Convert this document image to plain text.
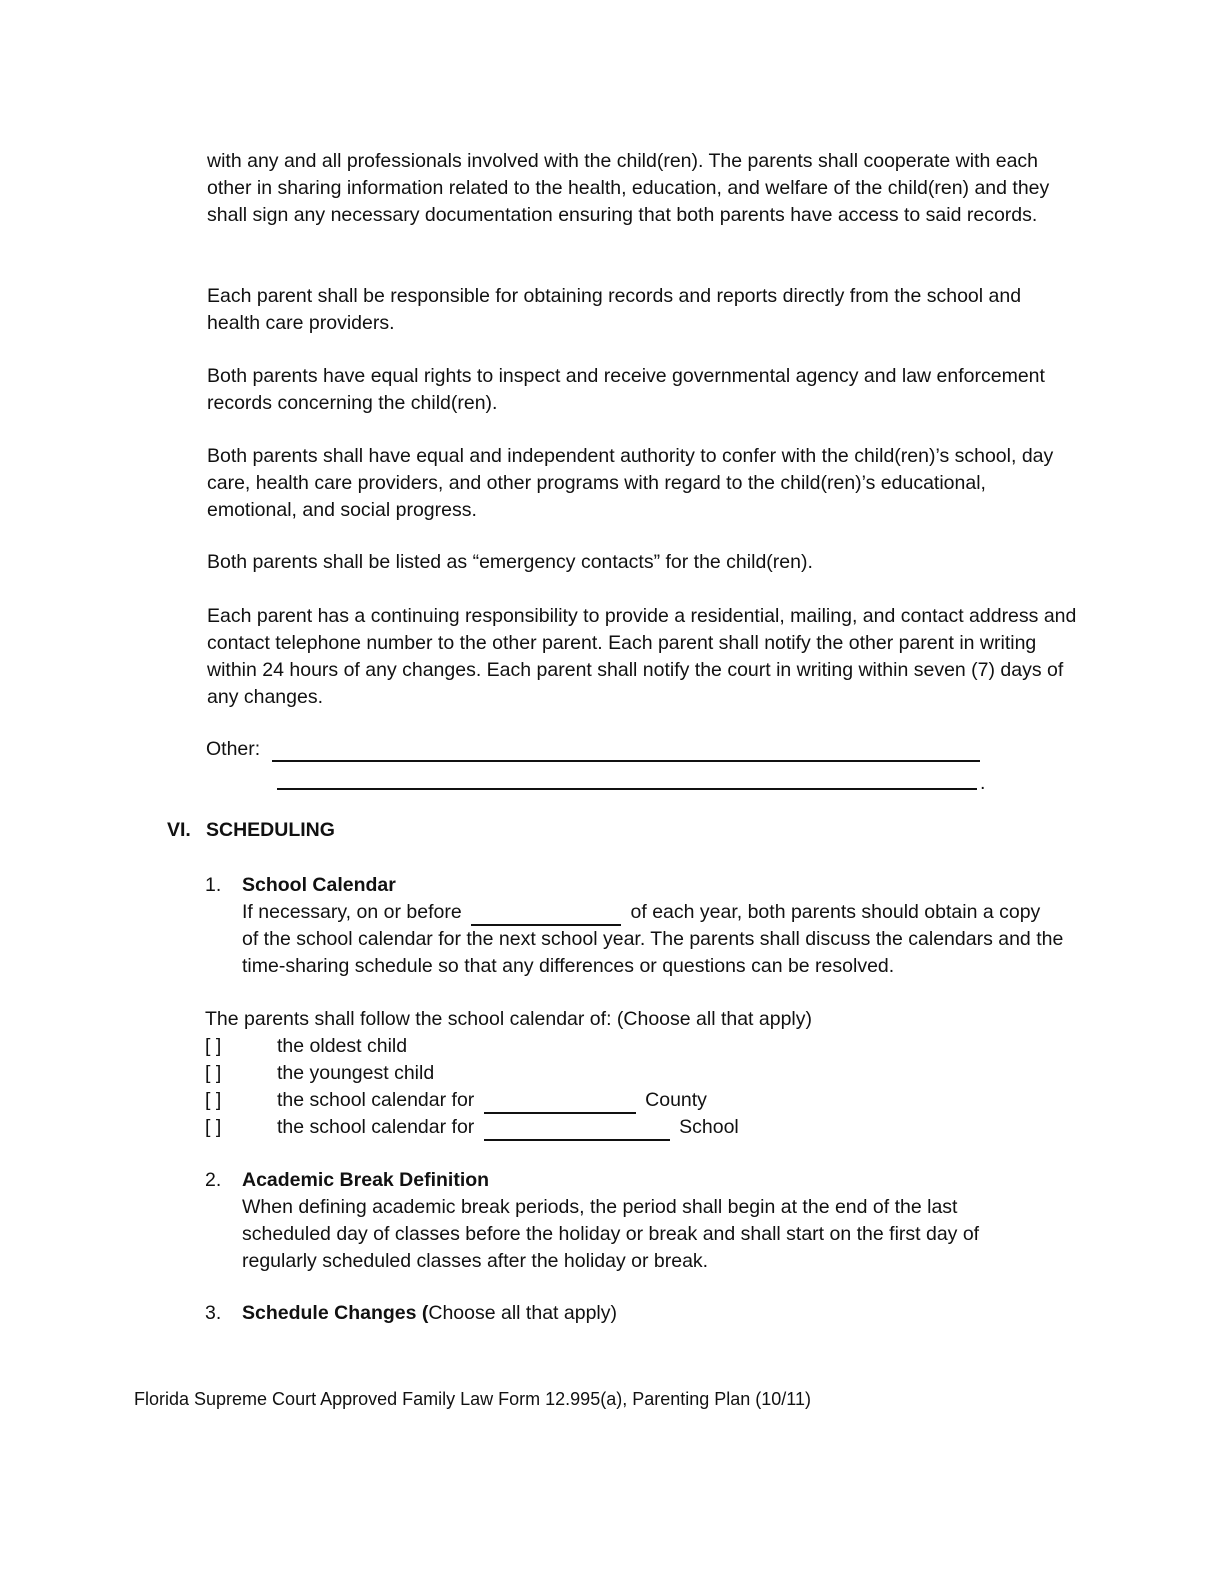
with any and all professionals involved with the child(ren). The parents shall cooperate with each other in sharing information related to the health, education, and welfare of the child(ren) and they shall sign any necessary documentation ensuring that both parents have access to said records.

Each parent shall be responsible for obtaining records and reports directly from the school and health care providers.

Both parents have equal rights to inspect and receive governmental agency and law enforcement records concerning the child(ren).

Both parents shall have equal and independent authority to confer with the child(ren)’s school, day care, health care providers, and other programs with regard to the child(ren)’s educational, emotional, and social progress.

Both parents shall be listed as “emergency contacts” for the child(ren).

Each parent has a continuing responsibility to provide a residential, mailing, and contact address and contact telephone number to the other parent. Each parent shall notify the other parent in writing within 24 hours of any changes. Each parent shall notify the court in writing within seven (7) days of any changes.

Other:
.
VI. SCHEDULING
1. School Calendar
If necessary, on or before	of each year, both parents should obtain a copy

of the school calendar for the next school year. The parents shall discuss the calendars and the time-sharing schedule so that any differences or questions can be resolved.

The parents shall follow the school calendar of: (Choose all that apply)
[ ]	the oldest child
[ ]	the youngest child
[ ]	the school calendar for	County
[ ]	the school calendar for	School
2. Academic Break Definition

When defining academic break periods, the period shall begin at the end of the last scheduled day of classes before the holiday or break and shall start on the first day of regularly scheduled classes after the holiday or break.

3. Schedule Changes (Choose all that apply)
Florida Supreme Court Approved Family Law Form 12.995(a), Parenting Plan (10/11)
